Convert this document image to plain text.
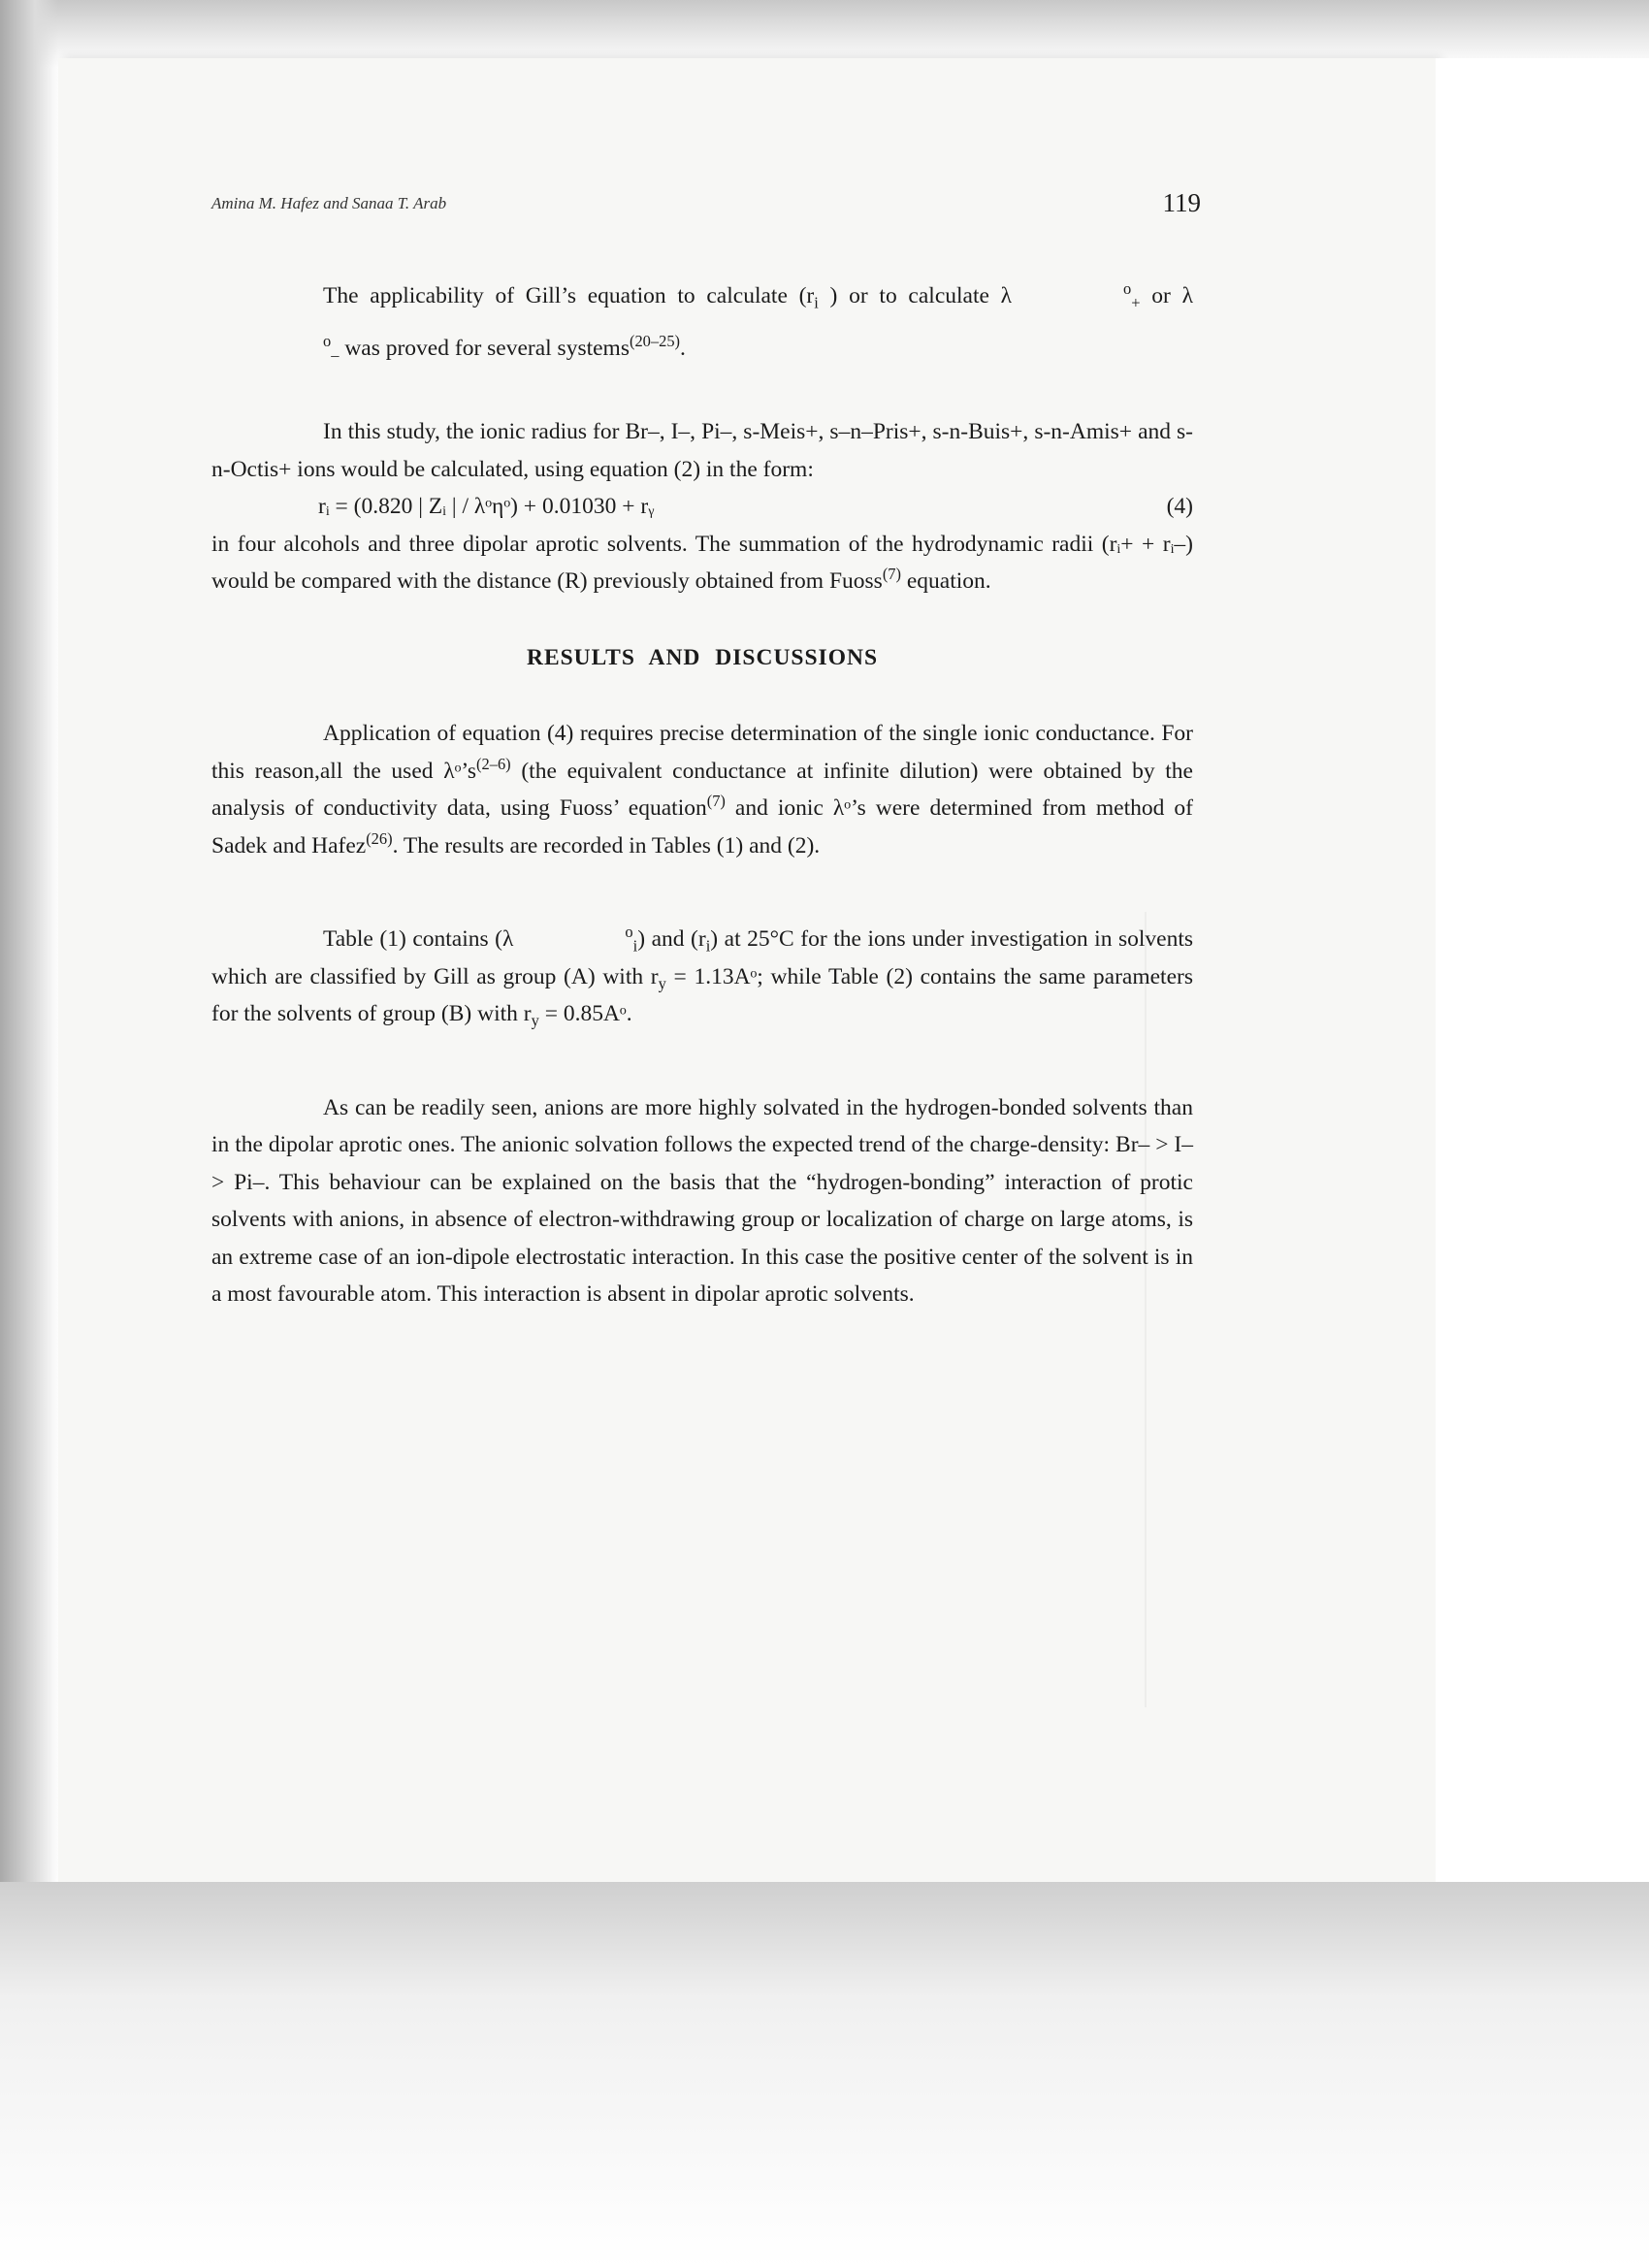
Amina M. Hafez and Sanaa T. Arab	119

The applicability of Gill’s equation to calculate ($r_i$ ) or to calculate λ	$^o_+$ or $\lambda^o_-$ was proved for several systems$^{(20-25)}$.

In this study, the ionic radius for Br–, I–, Pi–, s-Meis+, s–n–Pris+, s-n-Buis+, s-n-Amis+ and s-n-Octis+ ions would be calculated, using equation (2) in the form:

rᵢ = (0.820 | Zᵢ | / λᵒηᵒ) + 0.01030 + rᵧ	(4)

in four alcohols and three dipolar aprotic solvents. The summation of the hydrodynamic radii (rᵢ+ + rᵢ–) would be compared with the distance (R) previously obtained from Fuoss$^{(7)}$ equation.

RESULTS AND DISCUSSIONS

Application of equation (4) requires precise determination of the single ionic conductance. For this reason,all the used $\lambda ᵒ’s^{(2-6)}$ (the equivalent conductance at infinite dilution) were obtained by the analysis of conductivity data, using Fuoss’ equation$^{(7)}$ and ionic λᵒ’s were determined from method of Sadek and Hafez$^{(26)}$. The results are recorded in Tables (1) and (2).

Table (1) contains (λ	$^o_i$) and $(r_i)$ at 25°C for the ions under investigation in solvents which are classified by Gill as group (A) with $r_y$ = 1.13Aᵒ; while Table (2) contains the same parameters for the solvents of group (B) with $r_y$ = 0.85Aᵒ.

As can be readily seen, anions are more highly solvated in the hydrogen-bonded solvents than in the dipolar aprotic ones. The anionic solvation follows the expected trend of the charge-density: Br– > I– > Pi–. This behaviour can be explained on the basis that the “hydrogen-bonding” interaction of protic solvents with anions, in absence of electron-withdrawing group or localization of charge on large atoms, is an extreme case of an ion-dipole electrostatic interaction. In this case the positive center of the solvent is in a most favourable atom. This interaction is absent in dipolar aprotic solvents.
